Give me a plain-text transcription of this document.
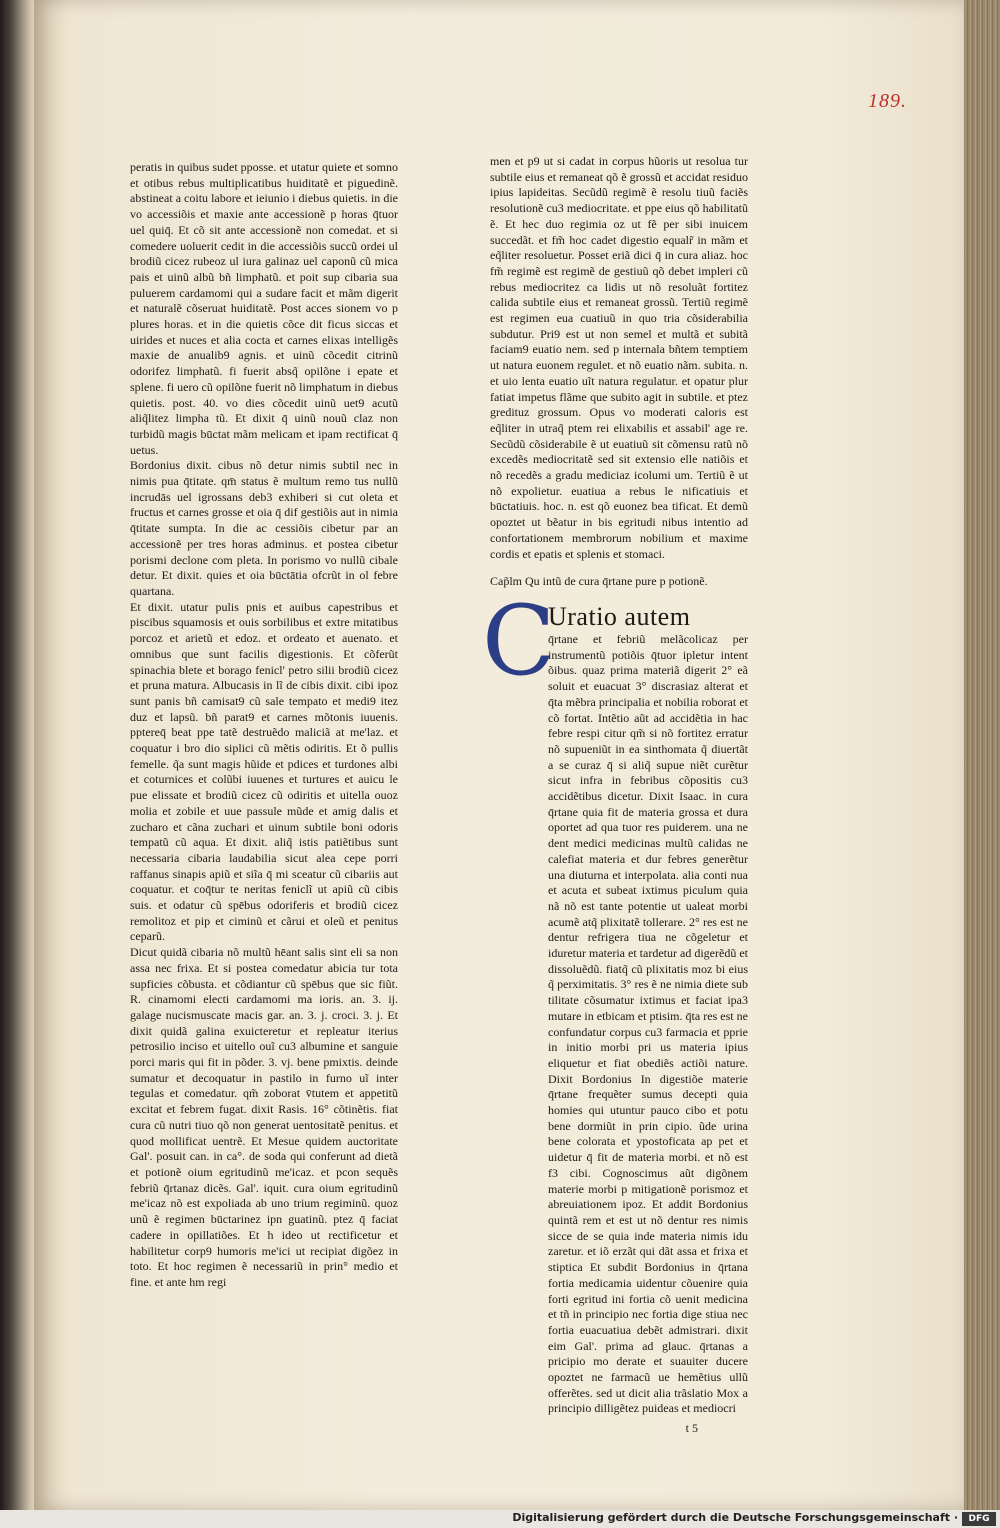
189.

peratis in quibus sudet pposse. et utatur quiete et somno et otibus rebus multiplicatibus huiditatẽ et piguedinẽ. abstineat a coitu labore et ieiunio i diebus quietis. in die vo accessiõis et maxie ante accessionẽ p horas q̄tuor uel quiq̄. Et cõ sit ante accessionẽ non comedat. et si comedere uoluerit cedit in die accessiõis succũ ordei ul brodiũ cicez rubeoz ul iura galinaz uel caponũ cũ mica pais et uinũ albũ bñ limphatũ. et poit sup cibaria sua puluerem cardamomi qui a sudare facit et mãm digerit et naturalẽ cõseruat huiditatẽ. Post acces sionem vo p plures horas. et in die quietis cõce dit ficus siccas et uirides et nuces et alia cocta et carnes elixas intelligẽs maxie de anualib9 agnis. et uinũ cõcedit citrinũ odorifez limphatũ. fi fuerit absq̃ opilõne i epate et splene. fi uero cũ opilõne fuerit nõ limphatum in diebus quietis. post. 40. vo dies cõcedit uinũ uet9 acutũ aliq̃litez limpha tũ. Et dixit q̄ uinũ nouũ claz non turbidũ magis būctat mãm melicam et ipam rectificat q̄ uetus.

Bordonius dixit. cibus nõ detur nimis subtil nec in nimis pua q̄titate. qm̄ status ẽ multum remo tus nullũ incrudās uel igrossans deb3 exhiberi si cut oleta et fructus et carnes grosse et oia q̄ dif gestiõis aut in nimia q̄titate sumpta. In die ac cessiõis cibetur par an accessionẽ per tres horas adminus. et postea cibetur porismi declone com pleta. In porismo vo nullũ cibale detur. Et dixit. quies et oia būctātia ofcrũt in ol febre quartana.

Et dixit. utatur pulis pnis et auibus capestribus et piscibus squamosis et ouis sorbilibus et extre mitatibus porcoz et arietũ et edoz. et ordeato et auenato. et omnibus que sunt facilis digestionis. Et cõferũt spinachia blete et borago fenicl' petro silii brodiũ cicez et pruna matura. Albucasis in lĩ de cibis dixit. cibi ipoz sunt panis bñ camisat9 cũ sale tempato et medi9 itez duz et lapsũ. bñ parat9 et carnes mõtonis iuuenis. pptereq̄ beat ppe tatẽ destruẽdo maliciã at me'laz. et coquatur i bro dio siplici cũ mẽtis odiritis. Et õ pullis femelle. q̃a sunt magis hũide et pdices et turdones albi et coturnices et colũbi iuuenes et turtures et auicu le pue elissate et brodiũ cicez cũ odiritis et uitella ouoz molia et zobile et uue passule mũde et amig dalis et zucharo et cãna zuchari et uinum subtile boni odoris tempatũ cũ aqua. Et dixit. aliq̃ istis patiẽtibus sunt necessaria cibaria laudabilia sicut alea cepe porri raffanus sinapis apiũ et siĩa q̄ mi sceatur cũ cibariis aut coquatur. et coq̄tur te neritas feniclĩ ut apiũ cũ cibis suis. et odatur cũ spēbus odoriferis et brodiũ cicez remolitoz et pip et ciminũ et cãrui et oleũ et penitus ceparũ.

Dicut quidã cibaria nõ multũ hēant salis sint eli sa non assa nec frixa. Et si postea comedatur abicia tur tota supficies cõbusta. et cõdiantur cũ spēbus que sic fiũt. R. cinamomi electi cardamomi ma ioris. an. 3. ij. galage nucismuscate macis gar. an. 3. j. croci. 3. j. Et dixit quidã galina exuicteretur et repleatur iterius petrosilio inciso et uitello ouĩ cu3 albumine et sanguie porci maris qui fit in põder. 3. vj. bene pmixtis. deinde sumatur et decoquatur in pastilo in furno uĩ inter tegulas et comedatur. qm̃ zoborat v̄tutem et appetitũ excitat et febrem fugat. dixit Rasis. 16° cõtinẽtis. fiat cura cũ nutri tiuo qõ non generat uentositatẽ penitus. et quod mollificat uentrẽ. Et Mesue quidem auctoritate Gal'. posuit can. in ca°. de soda qui conferunt ad dietã et potionẽ oium egritudinũ me'icaz. et pcon sequẽs febriũ q̄rtanaz dicẽs. Gal'. iquit. cura oium egritudinũ me'icaz nõ est expoliada ab uno trium regiminũ. quoz unũ ẽ regimen būctarinez ipn guatinũ. ptez q̄ faciat cadere in opillatiões. Et h ideo ut rectificetur et habilitetur corp9 humoris me'ici ut recipiat digõez in toto. Et hoc regimen ẽ necessariũ in prin° medio et fine. et ante hm regi

men et p9 ut si cadat in corpus hũoris ut resolua tur subtile eius et remaneat qõ ẽ grossũ et accidat residuo ipius lapideitas. Secũdũ regimẽ ẽ resolu tiuũ faciẽs resolutionẽ cu3 mediocritate. et ppe eius qõ habilitatũ ẽ. Et hec duo regimia oz ut fẽ per sibi inuicem succedãt. et fm̃ hoc cadet digestio equalr̃ in mãm et eq̃liter resoluetur. Posset eriã dici q̄ in cura aliaz. hoc fm̃ regimẽ est regimẽ de gestiuũ qõ debet impleri cũ rebus mediocritez ca lidis ut nõ resoluãt fortitez calida subtile eius et remaneat grossũ. Tertiũ regimẽ est regimen eua cuatiuũ in quo tria cõsiderabilia subdutur. Pri9 est ut non semel et multã et subitã faciam9 euatio nem. sed p internala bñtem temptiem ut natura euonem regulet. et nõ euatio nãm. subita. n. et uio lenta euatio uĩt natura regulatur. et opatur plur fatiat impetus flãme que subito agit in subtile. et ptez gredituz grossum. Opus vo moderati caloris est eq̃liter in utraq̃ ptem rei elixabilis et assabil' age re. Secũdũ cõsiderabile ẽ ut euatiuũ sit cõmensu ratũ nõ excedẽs mediocritatẽ sed sit extensio elle natiõis et nõ recedẽs a gradu mediciaz icolumi um. Tertiũ ẽ ut nõ expolietur. euatiua a rebus le nificatiuis et būctatiuis. hoc. n. est qõ euonez bea tificat. Et demũ opoztet ut bẽatur in bis egritudi nibus intentio ad confortationem membrorum nobilium et maxime cordis et epatis et splenis et stomaci.

Cap̃lm Qu intũ de cura q̄rtane pure p potionẽ.

C
Uratio autem

q̄rtane et febriũ melãcolicaz per instrumentũ potiõis q̄tuor ipletur intent õibus. quaz prima materiã digerit 2° eã soluit et euacuat 3° discrasiaz alterat et q̄ta mẽbra principalia et nobilia roborat et cõ fortat. Intẽtio aũt ad accidẽtia in hac febre respi citur qm̃ si nõ fortitez erratur nõ supueniũt in ea sinthomata q̃ diuertãt a se curaz q̄ si aliq̃ supue niẽt curẽtur sicut infra in febribus cõpositis cu3 accidẽtibus dicetur. Dixit Isaac. in cura q̄rtane quia fit de materia grossa et dura oportet ad qua tuor res puiderem. una ne dent medici medicinas multũ calidas ne calefiat materia et dur febres generẽtur una diuturna et interpolata. alia conti nua et acuta et subeat ixtimus piculum quia nã nõ est tante potentie ut ualeat morbi acumẽ atq̃ plixitatẽ tollerare. 2° res est ne dentur refrigera tiua ne cõgeletur et iduretur materia et tardetur ad digerẽdũ et dissoluẽdũ. fiatq̃ cũ plixitatis moz bi eius q̃ perximitatis. 3° res ẽ ne nimia diete sub tilitate cõsumatur ixtimus et faciat ipa3 mutare in etbicam et ptisim. q̄ta res est ne confundatur corpus cu3 farmacia et pprie in initio morbi pri us materia ipius eliquetur et fiat obediẽs actiõi nature. Dixit Bordonius In digestiõe materie q̄rtane frequẽter sumus decepti quia homies qui utuntur pauco cibo et potu bene dormiũt in prin cipio. ũde urina bene colorata et ypostoficata ap pet et uidetur q̄ fit de materia morbi. et nõ est f3 cibi. Cognoscimus aũt digõnem materie morbi p mitigationẽ porismoz et abreuiationem ipoz. Et addit Bordonius quintã rem et est ut nõ dentur res nimis sicce de se quia inde materia nimis idu zaretur. et iõ erzãt qui dãt assa et frixa et stiptica Et subdit Bordonius in q̄rtana fortia medicamia uidentur cõuenire quia forti egritud ini fortia cõ uenit medicina et tñ in principio nec fortia dige stiua nec fortia euacuatiua debẽt admistrari. dixit eim Gal'. prima ad glauc. q̄rtanas a pricipio mo derate et suauiter ducere opoztet ne farmacũ ue hemẽtius ullũ offerẽtes. sed ut dicit alia trãslatio Mox a principio dilligẽtez puideas et mediocri

t 5

Digitalisierung gefördert durch die Deutsche Forschungsgemeinschaft ·	DFG
